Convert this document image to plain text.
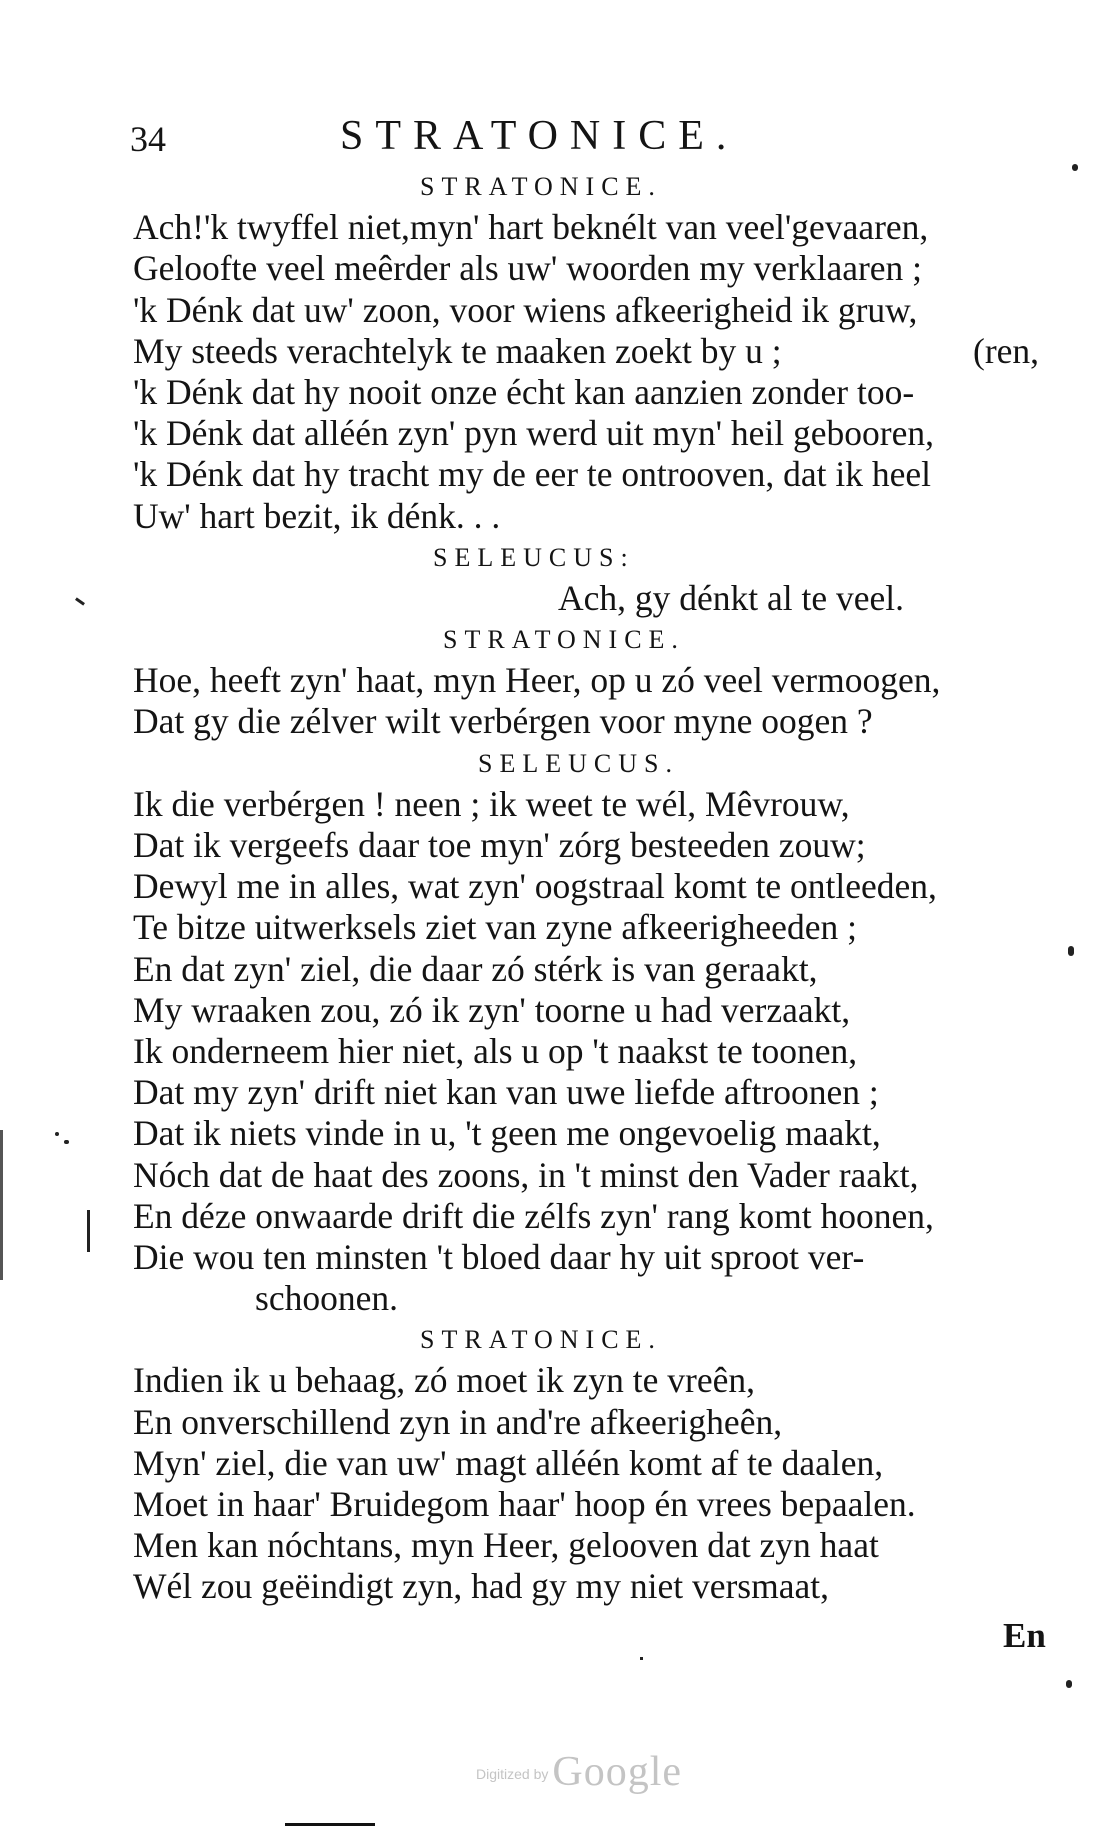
34	STRATONICE.
STRATONICE.
Ach!'k twyffel niet,myn' hart beknélt van veel'gevaaren,
Geloofte veel meêrder als uw' woorden my verklaaren ;
'k Dénk dat uw' zoon, voor wiens afkeerigheid ik gruw,
My steeds verachtelyk te maaken zoekt by u ;	(ren,
'k Dénk dat hy nooit onze écht kan aanzien zonder too-
'k Dénk dat alléén zyn' pyn werd uit myn' heil gebooren,
'k Dénk dat hy tracht my de eer te ontrooven, dat ik heel
Uw' hart bezit, ik dénk. . .
SELEUCUS:
Ach, gy dénkt al te veel.
STRATONICE.
Hoe, heeft zyn' haat, myn Heer, op u zó veel vermoogen,
Dat gy die zélver wilt verbérgen voor myne oogen ?
SELEUCUS.
Ik die verbérgen ! neen ; ik weet te wél, Mêvrouw,
Dat ik vergeefs daar toe myn' zórg besteeden zouw;
Dewyl me in alles, wat zyn' oogstraal komt te ontleeden,
Te bitze uitwerksels ziet van zyne afkeerigheeden ;
En dat zyn' ziel, die daar zó stérk is van geraakt,
My wraaken zou, zó ik zyn' toorne u had verzaakt,
Ik onderneem hier niet, als u op 't naakst te toonen,
Dat my zyn' drift niet kan van uwe liefde aftroonen ;
Dat ik niets vinde in u, 't geen me ongevoelig maakt,
Nóch dat de haat des zoons, in 't minst den Vader raakt,
En déze onwaarde drift die zélfs zyn' rang komt hoonen,
Die wou ten minsten 't bloed daar hy uit sproot ver-
schoonen.
STRATONICE.
Indien ik u behaag, zó moet ik zyn te vreên,
En onverschillend zyn in and're afkeerigheên,
Myn' ziel, die van uw' magt alléén komt af te daalen,
Moet in haar' Bruidegom haar' hoop én vrees bepaalen.
Men kan nóchtans, myn Heer, gelooven dat zyn haat
Wél zou geëindigt zyn, had gy my niet versmaat,
En
Digitized by Google
